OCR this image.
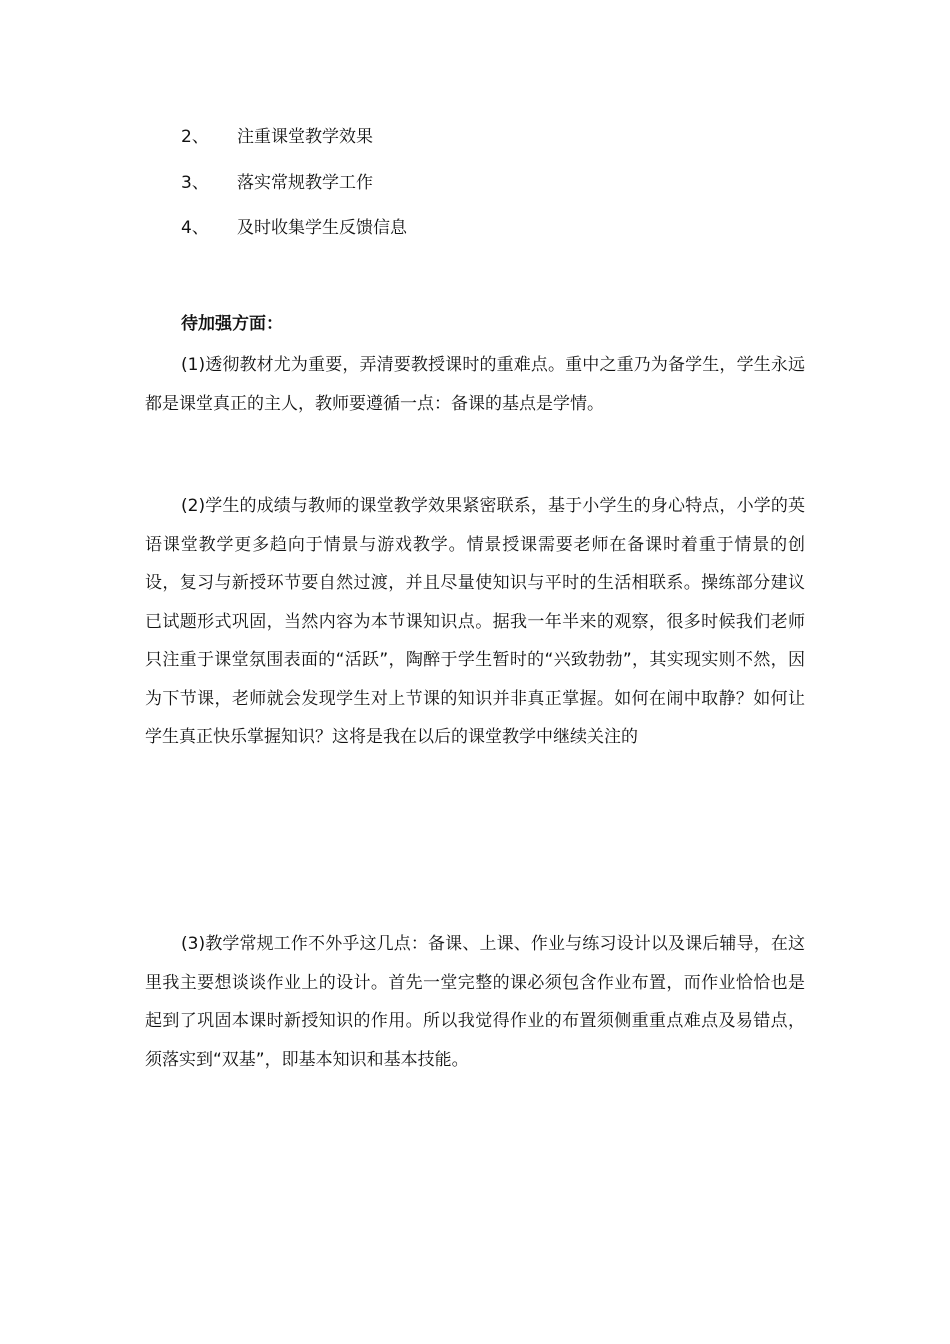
2、 注重课堂教学效果
3、 落实常规教学工作
4、 及时收集学生反馈信息
待加强方面：

(1)透彻教材尤为重要，弄清要教授课时的重难点。重中之重乃为备学生，学生永远都是课堂真正的主人，教师要遵循一点：备课的基点是学情。

(2)学生的成绩与教师的课堂教学效果紧密联系，基于小学生的身心特点，小学的英语课堂教学更多趋向于情景与游戏教学。情景授课需要老师在备课时着重于情景的创设，复习与新授环节要自然过渡，并且尽量使知识与平时的生活相联系。操练部分建议已试题形式巩固，当然内容为本节课知识点。据我一年半来的观察，很多时候我们老师只注重于课堂氛围表面的“活跃”，陶醉于学生暂时的“兴致勃勃”，其实现实则不然，因为下节课，老师就会发现学生对上节课的知识并非真正掌握。如何在闹中取静？如何让学生真正快乐掌握知识？这将是我在以后的课堂教学中继续关注的

(3)教学常规工作不外乎这几点：备课、上课、作业与练习设计以及课后辅导，在这里我主要想谈谈作业上的设计。首先一堂完整的课必须包含作业布置，而作业恰恰也是起到了巩固本课时新授知识的作用。所以我觉得作业的布置须侧重重点难点及易错点，须落实到“双基”，即基本知识和基本技能。
